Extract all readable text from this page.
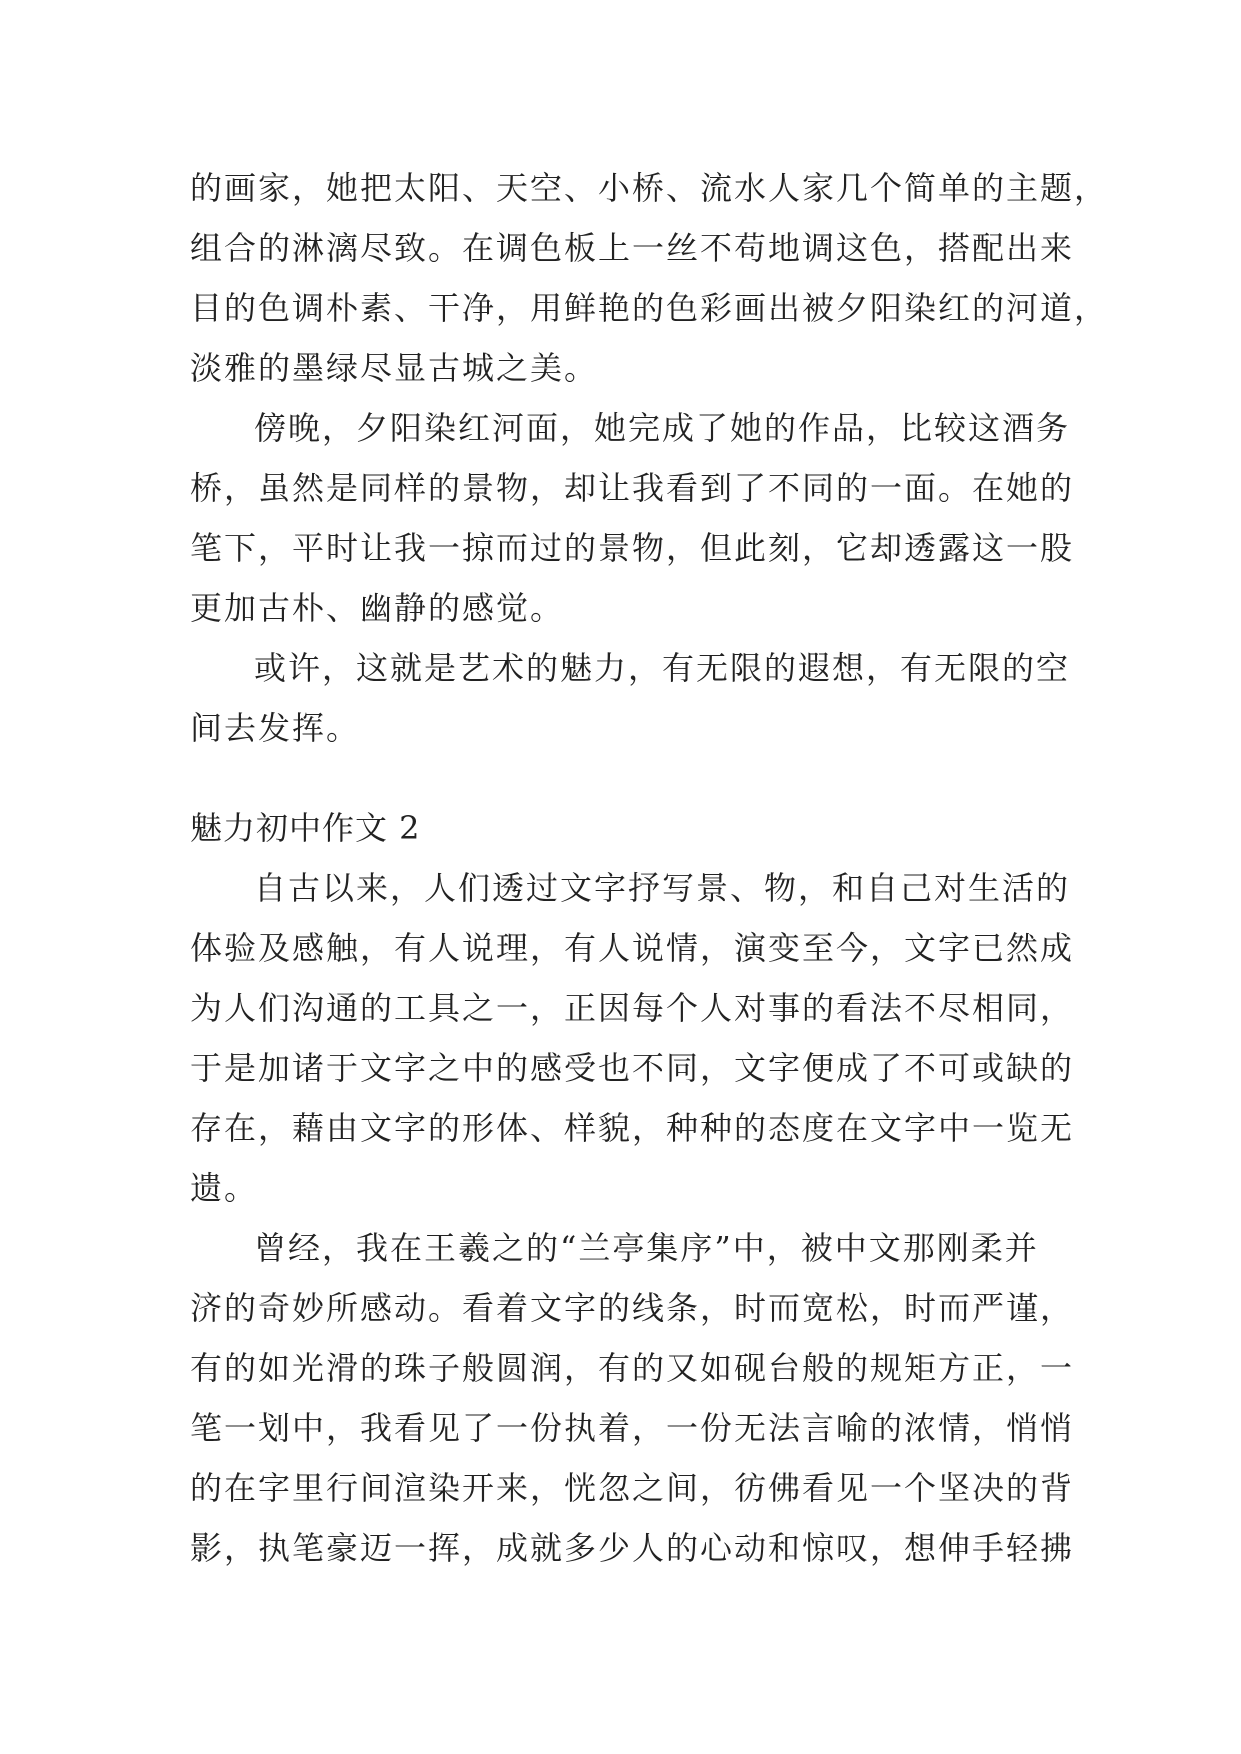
的画家，她把太阳、天空、小桥、流水人家几个简单的主题，
组合的淋漓尽致。在调色板上一丝不苟地调这色，搭配出来
目的色调朴素、干净，用鲜艳的色彩画出被夕阳染红的河道，
淡雅的墨绿尽显古城之美。
傍晚，夕阳染红河面，她完成了她的作品，比较这酒务
桥，虽然是同样的景物，却让我看到了不同的一面。在她的
笔下，平时让我一掠而过的景物，但此刻，它却透露这一股
更加古朴、幽静的感觉。
或许，这就是艺术的魅力，有无限的遐想，有无限的空
间去发挥。
魅力初中作文 2
自古以来，人们透过文字抒写景、物，和自己对生活的
体验及感触，有人说理，有人说情，演变至今，文字已然成
为人们沟通的工具之一，正因每个人对事的看法不尽相同，
于是加诸于文字之中的感受也不同，文字便成了不可或缺的
存在，藉由文字的形体、样貌，种种的态度在文字中一览无
遗。
曾经，我在王羲之的“兰亭集序”中，被中文那刚柔并
济的奇妙所感动。看着文字的线条，时而宽松，时而严谨，
有的如光滑的珠子般圆润，有的又如砚台般的规矩方正，一
笔一划中，我看见了一份执着，一份无法言喻的浓情，悄悄
的在字里行间渲染开来，恍忽之间，彷佛看见一个坚决的背
影，执笔豪迈一挥，成就多少人的心动和惊叹，想伸手轻拂
